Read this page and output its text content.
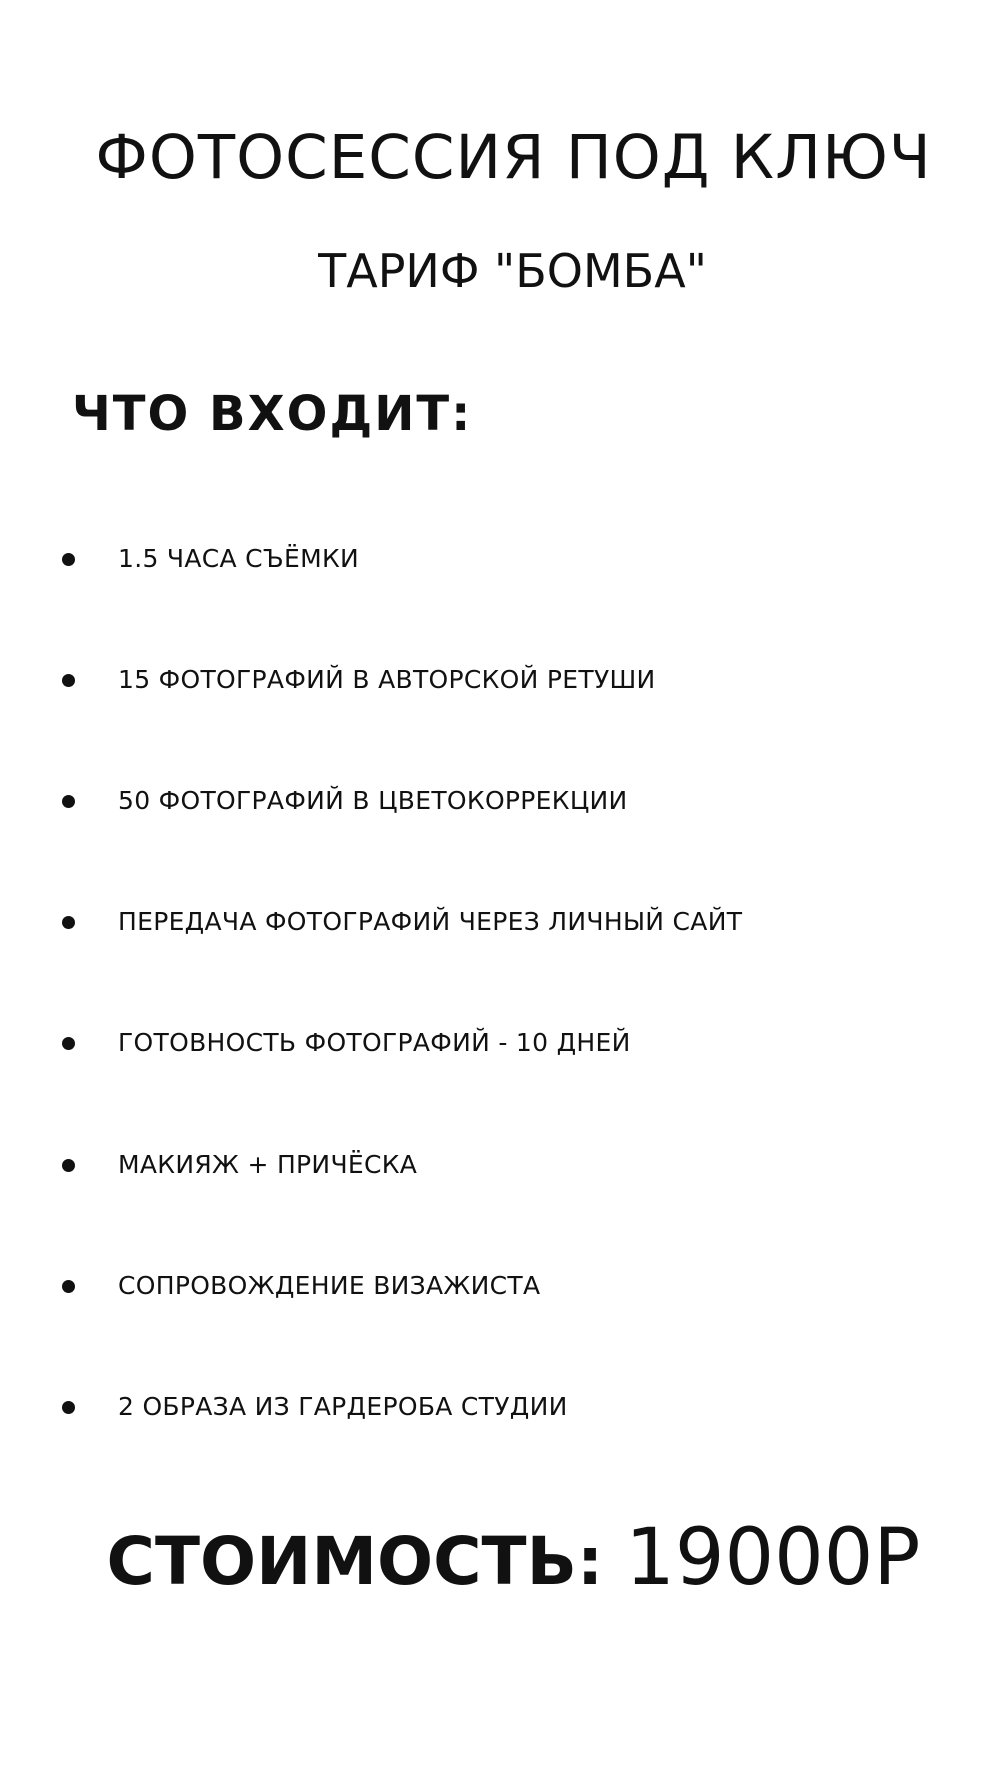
ФОТОСЕССИЯ ПОД КЛЮЧ
ТАРИФ "БОМБА"
ЧТО ВХОДИТ:
1.5 ЧАСА СЪЁМКИ
15 ФОТОГРАФИЙ В АВТОРСКОЙ РЕТУШИ
50 ФОТОГРАФИЙ В ЦВЕТОКОРРЕКЦИИ
ПЕРЕДАЧА ФОТОГРАФИЙ ЧЕРЕЗ ЛИЧНЫЙ САЙТ
ГОТОВНОСТЬ ФОТОГРАФИЙ - 10 ДНЕЙ
МАКИЯЖ + ПРИЧЁСКА
СОПРОВОЖДЕНИЕ ВИЗАЖИСТА
2 ОБРАЗА ИЗ ГАРДЕРОБА СТУДИИ
СТОИМОСТЬ: 19000Р
